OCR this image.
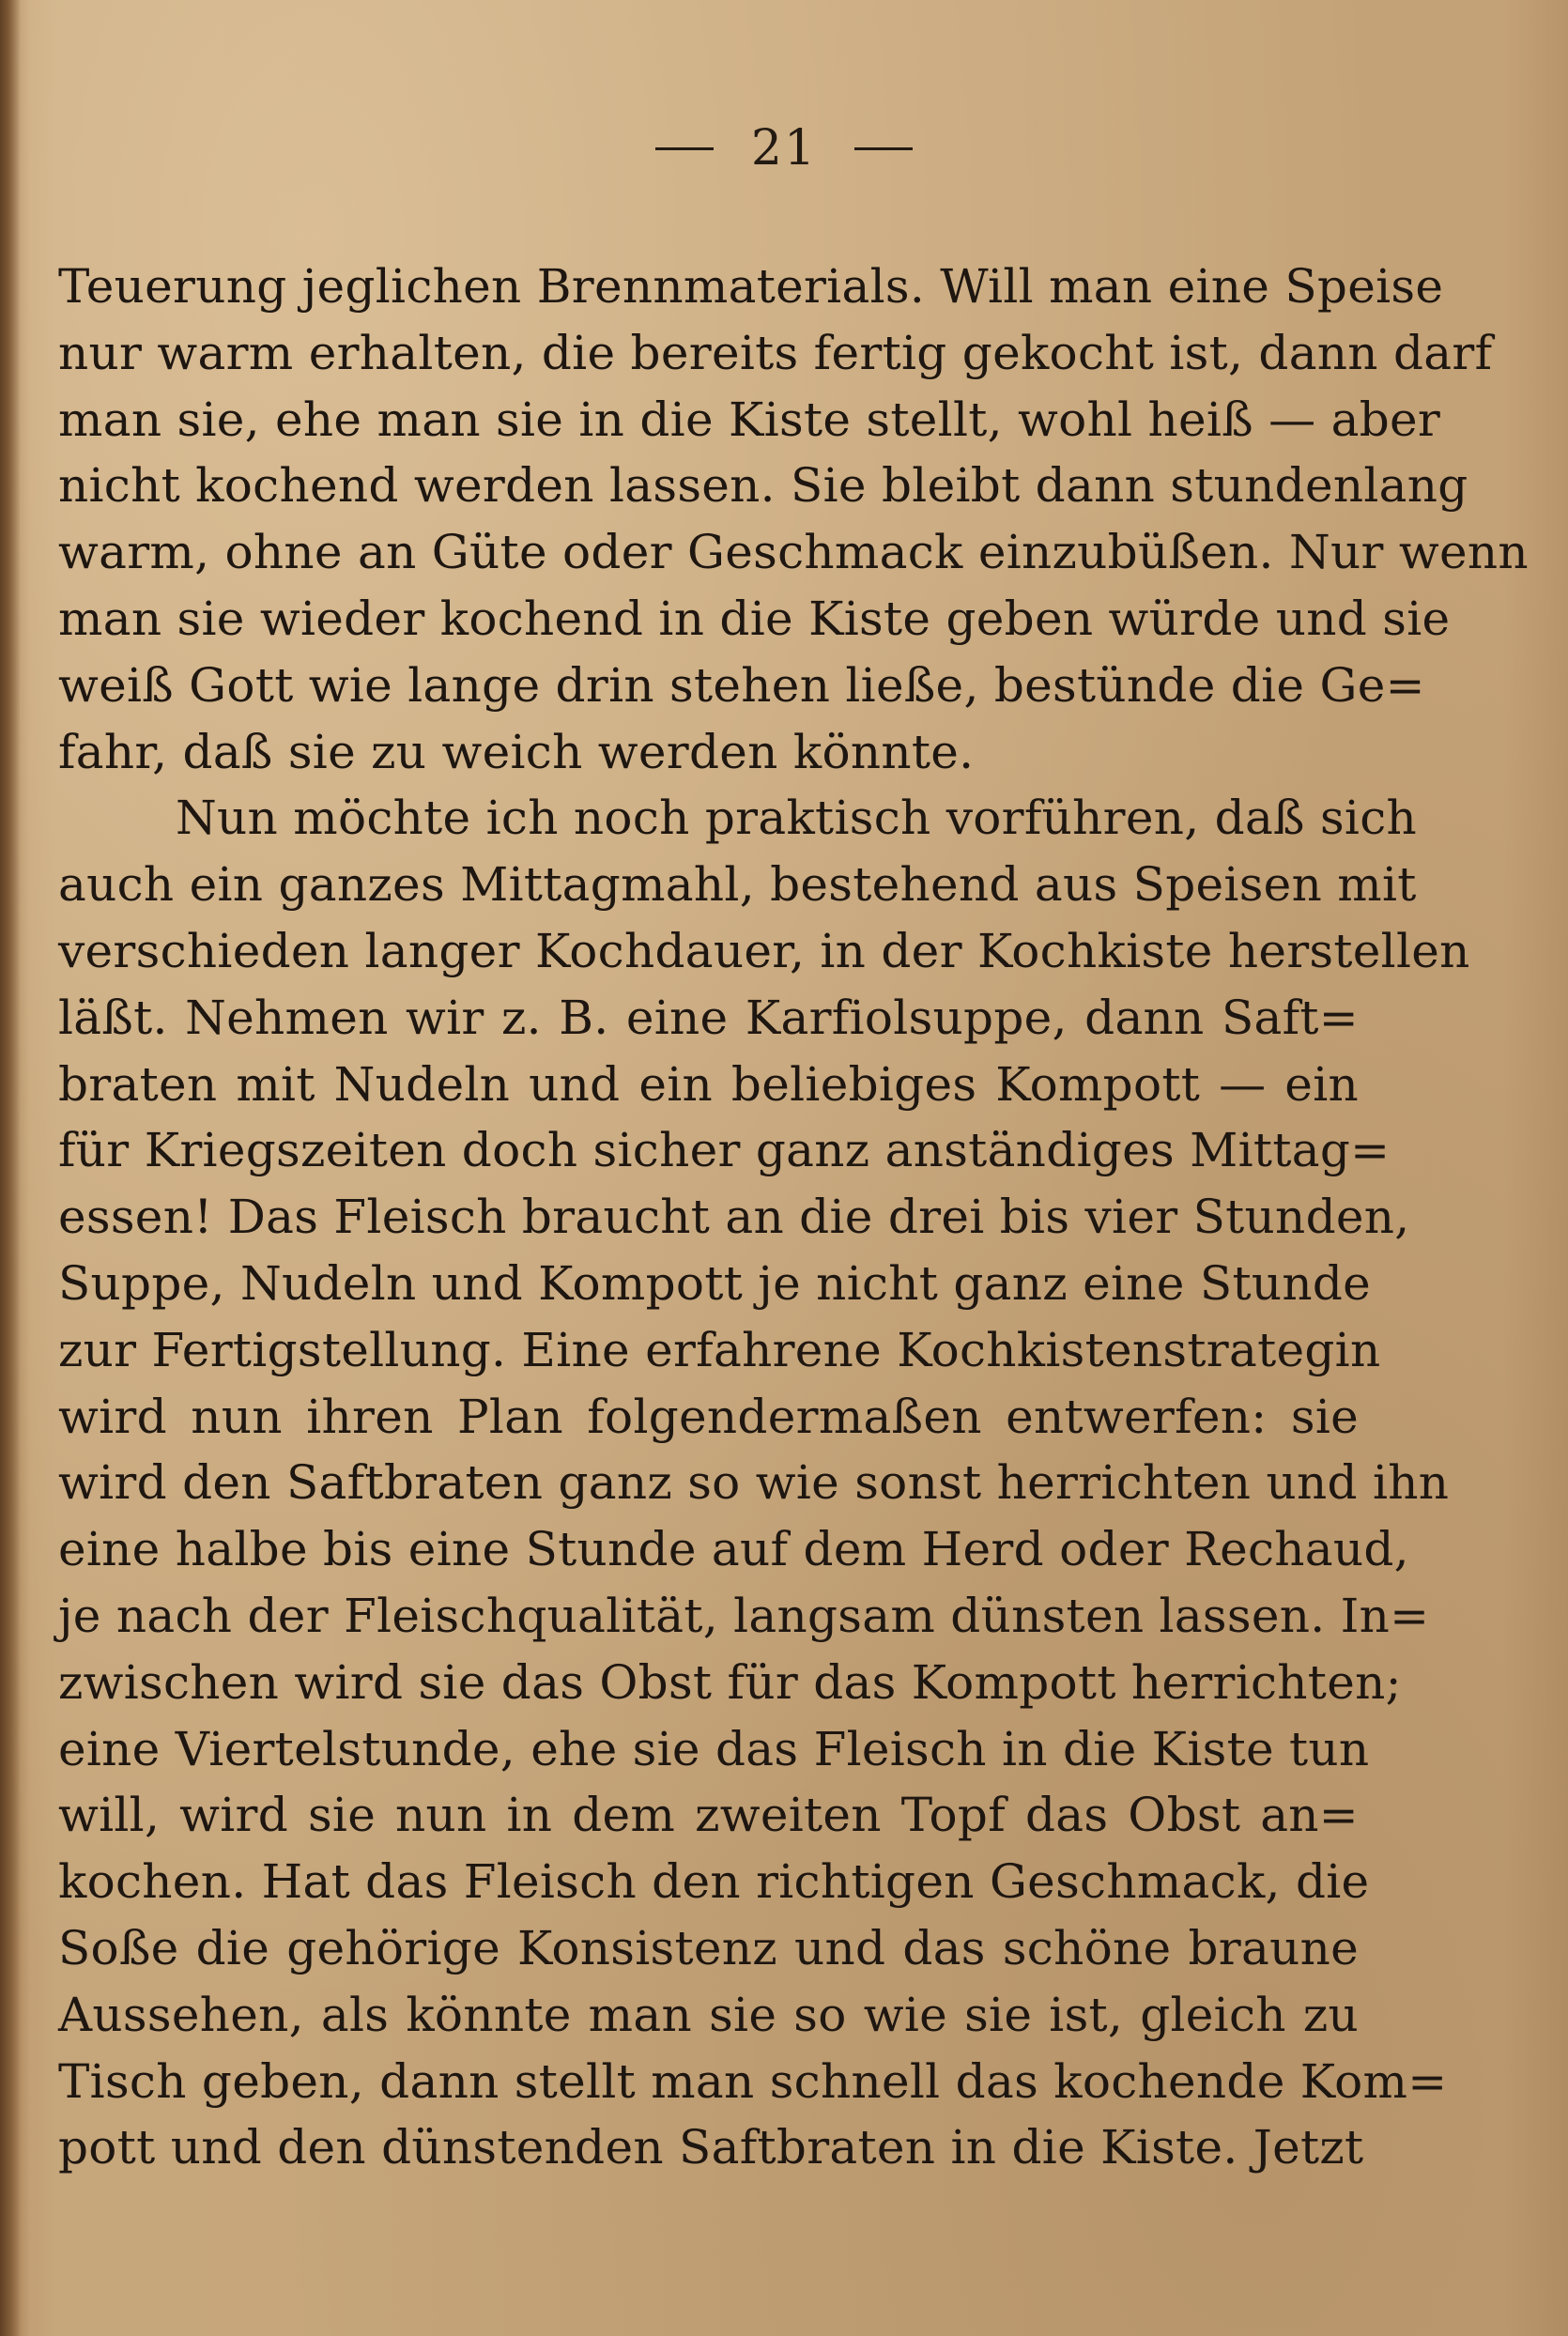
21
Teuerung jeglichen Brennmaterials. Will man eine Speise
nur warm erhalten, die bereits fertig gekocht ist, dann darf
man sie, ehe man sie in die Kiste stellt, wohl heiß — aber
nicht kochend werden lassen. Sie bleibt dann stundenlang
warm, ohne an Güte oder Geschmack einzubüßen. Nur wenn
man sie wieder kochend in die Kiste geben würde und sie
weiß Gott wie lange drin stehen ließe, bestünde die Ge=
fahr, daß sie zu weich werden könnte.
Nun möchte ich noch praktisch vorführen, daß sich
auch ein ganzes Mittagmahl, bestehend aus Speisen mit
verschieden langer Kochdauer, in der Kochkiste herstellen
läßt. Nehmen wir z. B. eine Karfiolsuppe, dann Saft=
braten mit Nudeln und ein beliebiges Kompott — ein
für Kriegszeiten doch sicher ganz anständiges Mittag=
essen! Das Fleisch braucht an die drei bis vier Stunden,
Suppe, Nudeln und Kompott je nicht ganz eine Stunde
zur Fertigstellung. Eine erfahrene Kochkistenstrategin
wird nun ihren Plan folgendermaßen entwerfen: sie
wird den Saftbraten ganz so wie sonst herrichten und ihn
eine halbe bis eine Stunde auf dem Herd oder Rechaud,
je nach der Fleischqualität, langsam dünsten lassen. In=
zwischen wird sie das Obst für das Kompott herrichten;
eine Viertelstunde, ehe sie das Fleisch in die Kiste tun
will, wird sie nun in dem zweiten Topf das Obst an=
kochen. Hat das Fleisch den richtigen Geschmack, die
Soße die gehörige Konsistenz und das schöne braune
Aussehen, als könnte man sie so wie sie ist, gleich zu
Tisch geben, dann stellt man schnell das kochende Kom=
pott und den dünstenden Saftbraten in die Kiste. Jetzt
